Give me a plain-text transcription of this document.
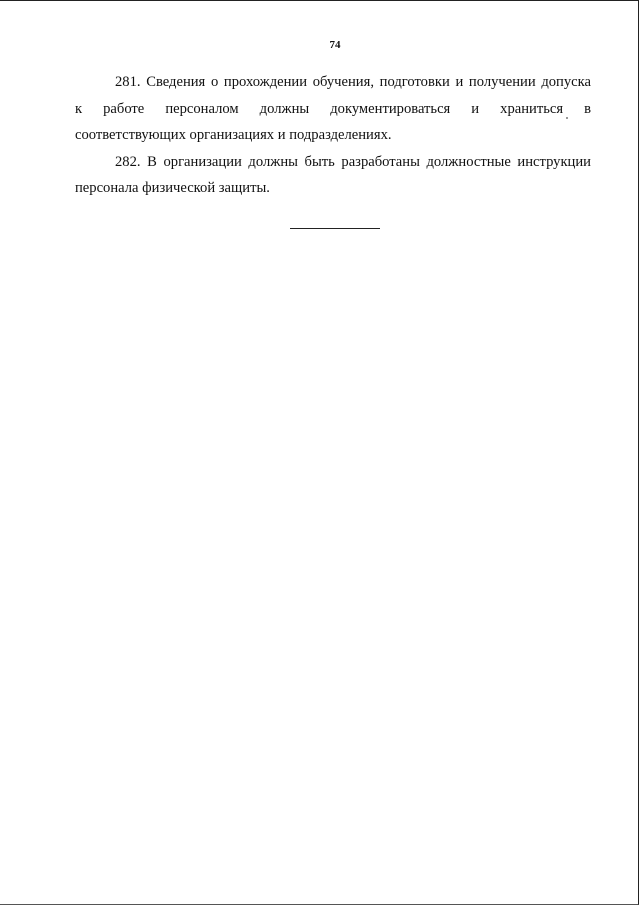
74
281. Сведения о прохождении обучения, подготовки и получении допуска
к работе персоналом должны документироваться и храниться в
соответствующих организациях и подразделениях.
282. В организации должны быть разработаны должностные инструкции
персонала физической защиты.
